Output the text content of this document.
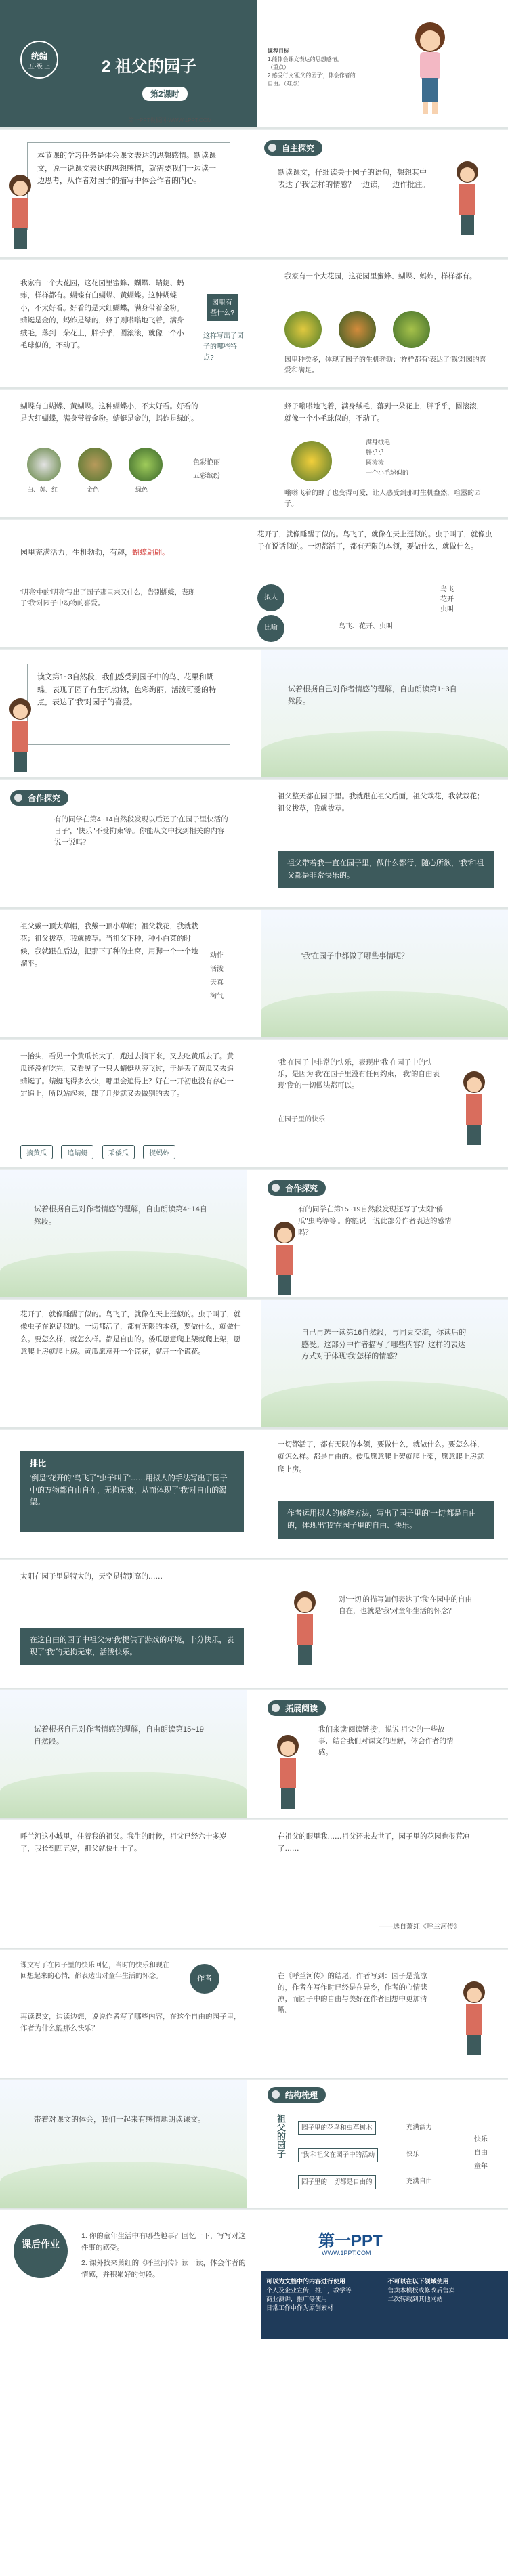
统编
五·级 上	2 祖父的园子
第2课时
第一PPT模板网-WWW.1PPT.COM
课程目标
1.能体会课文表达的思想感情。
（重点）
2.感受行文'祖父的园子'，体会作者的
自由。（难点）
本节课的学习任务是体会课文表达的思想感情。默读课文，说一说课文表达的思想感情，就需要我们一边读一边思考，从作者对园子的描写中体会作者的内心。
自主探究
默读课文，仔细读关于园子的语句，想想其中表达了'我'怎样的情感？一边读，一边作批注。
我家有一个大花园，这花园里蜜蜂、蝴蝶、蜻蜓、蚂蚱，样样都有。蝴蝶有白蝴蝶、黄蝴蝶。这种蝴蝶小，不太好看。好看的是大红蝴蝶，满身带着金粉。蜻蜓是金的，蚂蚱是绿的，蜂子则嗡嗡地飞着，满身绒毛，落到一朵花上，胖乎乎，圆滚滚，就像一个小毛球似的，不动了。
园里有些什么?
这样写出了园子的哪些特点?
我家有一个大花园，这花园里蜜蜂、蝴蝶、蚂蚱，样样都有。
园里种类多，体现了园子的生机勃勃；'样样都有'表达了'我'对园的喜爱和满足。
蝴蝶有白蝴蝶、黄蝴蝶。这种蝴蝶小，不太好看。好看的是大红蝴蝶，满身带着金粉。蜻蜓是金的，蚂蚱是绿的。
白、黄、红	金色	绿色
色彩艳丽
五彩缤纷
蜂子嗡嗡地飞着，满身绒毛，落到一朵花上，胖乎乎，圆滚滚，就像一个小毛球似的，不动了。
满身绒毛
胖乎乎
圆滚滚
一个小毛球似的
嗡嗡飞着的蜂子也变得可爱，让人感受到那时生机盎然，喧嚣的园子。
园里充满活力，生机勃勃，有趣，蝴蝶翩翩。
'明亮'中的'明亮'写出了园子那里来又什么，告别蝴蝶，表现了'我'对园子中动物的喜爱。
花开了，就像睡醒了似的。鸟飞了，就像在天上逛似的。虫子叫了，就像虫子在说话似的。一切都活了，都有无限的本领，要做什么，就做什么。
拟人
比喻
鸟飞
花开
虫叫
鸟飞、花开、虫叫
读文第1~3自然段，我们感受到园子中的鸟、花果和蝴蝶。表现了园子有生机勃勃，色彩绚丽，活泼可爱的特点，表达了'我'对园子的喜爱。
试着根据自己对作者情感的理解，自由朗读第1~3自然段。
合作探究
有的同学在第4~14自然段发现以后还了'在园子里快活的日子'，'快乐''不受拘束'等。你能从文中找到相关的内容说一说吗？
祖父整天都在园子里。我就跟在祖父后面，祖父栽花，我就栽花；祖父拔草，我就拔草。
祖父带着我一直在园子里，做什么都行，随心所欲，'我'和祖父都是非常快乐的。
祖父戴一顶大草帽，我戴一顶小草帽；祖父栽花，我就栽花；祖父拔草，我就拔草。当祖父下种，种小白菜的时候，我就跟在后边，把那下了种的土窝，用脚一个一个地溜平。
动作
活泼
天真
淘气
'我'在园子中都做了哪些事情呢？
一抬头，看见一个黄瓜长大了，跑过去摘下来，又去吃黄瓜去了。黄瓜还没有吃完，又看见了一只大蜻蜓从旁飞过，于是丢了黄瓜又去追蜻蜓了。蜻蜓飞得多么快，哪里会追得上？好在一开初也没有存心一定追上，所以站起来，跟了几步就又去做别的去了。
摘黄瓜	追蜻蜓	采倭瓜	捉蚂蚱
'我'在园子中非常的快乐，表现出'我'在园子中的快乐，是因为'我'在园子里没有任何约束，'我'的自由表现'我'的一切做法都可以。
在园子里的快乐
试着根据自己对作者情感的理解，自由朗读第4~14自然段。
合作探究
有的同学在第15~19自然段发现还写了'太阳''倭瓜''虫鸣等等'。你能说一说此部分作者表达的感情吗？
花开了，就像睡醒了似的。鸟飞了，就像在天上逛似的。虫子叫了，就像虫子在说话似的。一切都活了，都有无限的本领，要做什么，就做什么。要怎么样，就怎么样。都是自由的。倭瓜愿意爬上架就爬上架，愿意爬上房就爬上房。黄瓜愿意开一个谎花，就开一个谎花。
自己再选一读第16自然段，与同桌交流，你读后的感受。这部分中作者描写了哪些内容？这样的表达方式对于体现'我'怎样的情感？
排比
'倒是''花开的''鸟飞了''虫子叫了'……用拟人的手法写出了园子中的万物都自由自在，无拘无束，从而体现了'我'对自由的渴望。
一切都活了，都有无限的本领，要做什么，就做什么。要怎么样，就怎么样。都是自由的。倭瓜愿意爬上架就爬上架，愿意爬上房就爬上房。
作者运用拟人的修辞方法，写出了园子里的'一切'都是自由的，体现出'我'在园子里的自由、快乐。
太阳在园子里是特大的，天空是特别高的……
在这自由的园子中祖父为'我'提供了游戏的环境，十分快乐，表现了'我'的无拘无束，活泼快乐。
对'一切'的描写如何表达了'我'在园中的自由自在，也就是'我'对童年生活的怀念？
试着根据自己对作者情感的理解，自由朗读第15~19自然段。
拓展阅读
我们来读'阅读链接'，说说'祖父'的一些故事，结合我们对课文的理解，体会作者的情感。
呼兰河这小城里，住着我的祖父。我生的时候，祖父已经六十多岁了，我长到四五岁，祖父就快七十了。
在祖父的眼里我……祖父还未去世了，园子里的花园也很荒凉了……
——选自萧红《呼兰河传》
课文写了在园子里的快乐回忆，当时的快乐和现在回想起来的心情，都表达出对童年生活的怀念。	作者
再读课文，边读边想，说说作者写了哪些内容，在这个自由的园子里，作者为什么能那么快乐？
在《呼兰河传》的结尾，作者写到：园子是荒凉的，作者在写作时已经是在异乡，作者的心情悲凉，而园子中的自由与美好在作者回想中更加清晰。
带着对课文的体会，我们一起来有感情地朗读课文。
结构梳理
祖父的园子	园子里的花鸟和虫草树木
'我'和祖父在园子中的活动
园子里的一切都是自由的
充满活力
快乐
充满自由
快乐
自由
童年
课后作业
1. 你的童年生活中有哪些趣事？回忆一下，写写对这件事的感受。
2. 课外找来萧红的《呼兰河传》读一读，体会作者的情感，并积累好的句段。
第一PPT
WWW.1PPT.COM
可以为文档中的内容进行使用
个人及企业宣传，推广，教学等
商业演讲，推广等使用
日常工作中作为原创素材
不可以在以下领域使用
售卖本模板或修改后售卖
二次转载到其他网站
